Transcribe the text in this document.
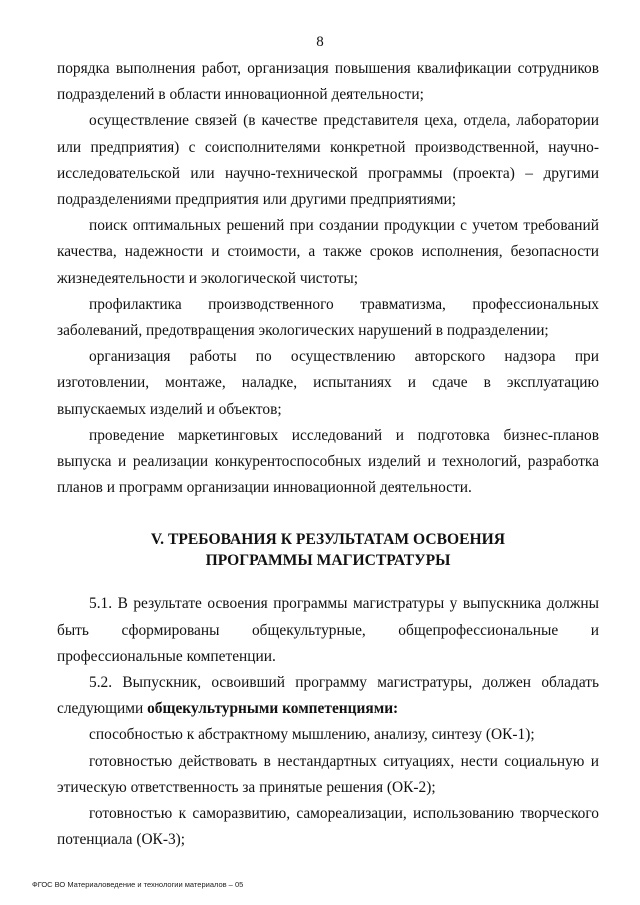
8

порядка выполнения работ, организация повышения квалификации сотрудников подразделений в области инновационной деятельности;

осуществление связей (в качестве представителя цеха, отдела, лаборатории или предприятия) с соисполнителями конкретной производственной, научно-исследовательской или научно-технической программы (проекта) – другими подразделениями предприятия или другими предприятиями;

поиск оптимальных решений при создании продукции с учетом требований качества, надежности и стоимости, а также сроков исполнения, безопасности жизнедеятельности и экологической чистоты;

профилактика производственного травматизма, профессиональных заболеваний, предотвращения экологических нарушений в подразделении;

организация работы по осуществлению авторского надзора при изготовлении, монтаже, наладке, испытаниях и сдаче в эксплуатацию выпускаемых изделий и объектов;

проведение маркетинговых исследований и подготовка бизнес-планов выпуска и реализации конкурентоспособных изделий и технологий, разработка планов и программ организации инновационной деятельности.

V. ТРЕБОВАНИЯ К РЕЗУЛЬТАТАМ ОСВОЕНИЯ
ПРОГРАММЫ МАГИСТРАТУРЫ

5.1. В результате освоения программы магистратуры у выпускника должны быть сформированы общекультурные, общепрофессиональные и профессиональные компетенции.

5.2. Выпускник, освоивший программу магистратуры, должен обладать следующими общекультурными компетенциями:

способностью к абстрактному мышлению, анализу, синтезу (ОК-1);

готовностью действовать в нестандартных ситуациях, нести социальную и этическую ответственность за принятые решения (ОК-2);

готовностью к саморазвитию, самореализации, использованию творческого потенциала (ОК-3);

ФГОС ВО Материаловедение и технологии материалов – 05
